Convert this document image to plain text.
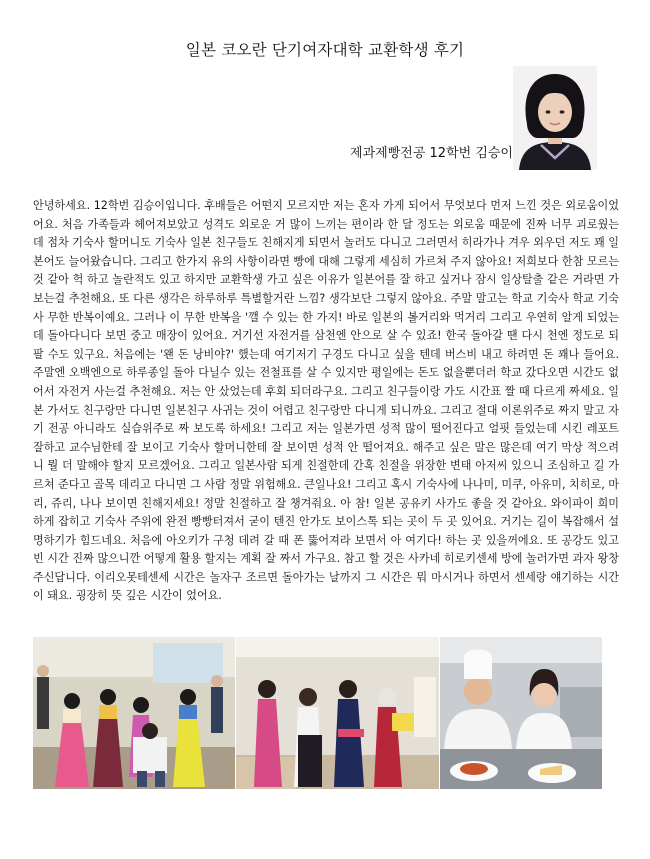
일본 코오란 단기여자대학 교환학생 후기
제과제빵전공 12학번 김승이
안녕하세요. 12학번 김승이입니다. 후배들은 어떤지 모르지만 저는 혼자 가게 되어서 무엇보다 먼저 느낀 것은 외로움이었어요. 처음 가족들과 헤어져보았고 성격도 외로운 거 많이 느끼는 편이라 한 달 정도는 외로움 때문에 진짜 너무 괴로웠는데 점차 기숙사 할머니도 기숙사 일본 친구들도 친해지게 되면서 놀러도 다니고 그러면서 히라가나 겨우 외우던 저도 꽤 일본어도 늘어왔습니다. 그리고 한가지 유의 사항이라면 빵에 대해 그렇게 세심히 가르쳐 주지 않아요! 저희보다 한참 모르는 것 같아 헉 하고 놀란적도 있고 하지만 교환학생 가고 싶은 이유가 일본어를 잘 하고 싶거나 잠시 일상탈출 같은 거라면 가보는걸 추천해요. 또 다른 생각은 하루하루 특별할거란 느낌? 생각보단 그렇지 않아요. 주말 말고는 학교 기숙사 학교 기숙사 무한 반복이예요. 그러나 이 무한 반복을 '깰 수 있는 한 가지! 바로 일본의 볼거리와 먹거리 그리고 우연히 알게 되었는데 돌아다니다 보면 중고 매장이 있어요. 거기선 자전거를 삼천엔 안으로 살 수 있죠! 한국 돌아갈 땐 다시 천엔 정도로 되 팔 수도 있구요. 처음에는 '왠 돈 낭비야?' 했는데 여기저기 구경도 다니고 싶을 텐데 버스비 내고 하려면 돈 꽤나 들어요. 주말엔 오백엔으로 하루종일 돌아 다닐수 있는 전철표를 살 수 있지만 평일에는 돈도 없을뿐더러 학교 갔다오면 시간도 없어서 자전거 사는걸 추천해요. 저는 안 샀었는데 후회 되더라구요. 그리고 친구들이랑 가도 시간표 짤 때 다르게 짜세요. 일본 가서도 친구랑만 다니면 일본친구 사귀는 것이 어렵고 친구랑만 다니게 되니까요. 그리고 절대 이론위주로 짜지 말고 자기 전공 아니라도 실습위주로 짜 보도록 하세요! 그리고 저는 일본가면 성적 많이 떨어진다고 얼핏 들었는데 시킨 레포트 잘하고 교수님한테 잘 보이고 기숙사 할머니한테 잘 보이면 성적 안 떨어져요. 해주고 싶은 말은 많은데 여기 막상 적으려니 뭘 더 말해야 할지 모르겠어요. 그리고 일본사람 되게 친절한데 간혹 친절을 위장한 변태 아저씨 있으니 조심하고 길 가르쳐 준다고 골목 데리고 다니면 그 사람 정말 위험해요. 큰일나요! 그리고 혹시 기숙사에 나나미, 미쿠, 아유미, 치히로, 마리, 쥬리, 나나 보이면 친해지세요! 정말 친절하고 잘 챙겨줘요. 아 참! 일본 공유키 사가도 좋을 것 같아요. 와이파이 희미하게 잡히고 기숙사 주위에 완전 빵빵터져서 굳이 텐진 안가도 보이스톡 되는 곳이 두 곳 있어요. 거기는 길이 복잡해서 설명하기가 힘드네요. 처음에 아오키가 구청 데려 갈 때 폰 뚫어져라 보면서 아 여기다! 하는 곳 있을꺼에요. 또 공강도 있고 빈 시간 진짜 많으니깐 어떻게 활용 할지는 계획 잘 짜서 가구요. 참고 할 것은 사카네 히로키센세 방에 놀러가면 과자 왕창 주신답니다. 이리오못테센세 시간은 놀자구 조르면 돌아가는 날까지 그 시간은 뭐 마시거나 하면서 센세랑 얘기하는 시간이 돼요. 굉장히 뜻 깊은 시간이 었어요.
